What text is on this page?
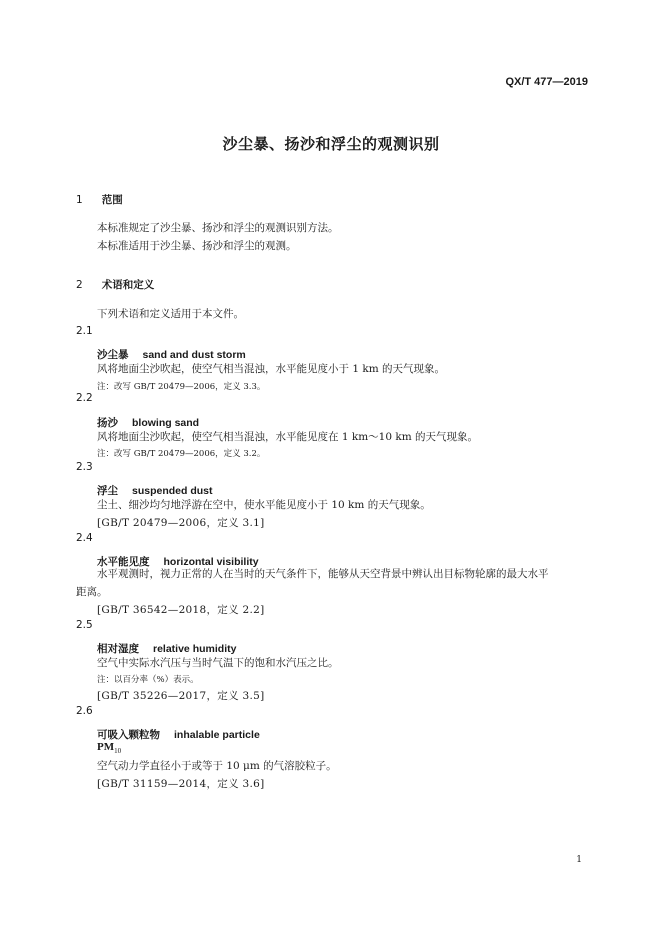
QX/T 477—2019
沙尘暴、扬沙和浮尘的观测识别
1 范围
本标准规定了沙尘暴、扬沙和浮尘的观测识别方法。
本标准适用于沙尘暴、扬沙和浮尘的观测。
2 术语和定义
下列术语和定义适用于本文件。
2.1
沙尘暴 sand and dust storm
风将地面尘沙吹起，使空气相当混浊，水平能见度小于 1 km 的天气现象。
注：改写 GB/T 20479—2006，定义 3.3。
2.2
扬沙 blowing sand
风将地面尘沙吹起，使空气相当混浊，水平能见度在 1 km～10 km 的天气现象。
注：改写 GB/T 20479—2006，定义 3.2。
2.3
浮尘 suspended dust
尘土、细沙均匀地浮游在空中，使水平能见度小于 10 km 的天气现象。
[GB/T 20479—2006，定义 3.1]
2.4
水平能见度 horizontal visibility
水平观测时，视力正常的人在当时的天气条件下，能够从天空背景中辨认出目标物轮廓的最大水平
距离。
[GB/T 36542—2018，定义 2.2]
2.5
相对湿度 relative humidity
空气中实际水汽压与当时气温下的饱和水汽压之比。
注：以百分率（%）表示。
[GB/T 35226—2017，定义 3.5]
2.6
可吸入颗粒物 inhalable particle
$PM_{10}$
空气动力学直径小于或等于 10 μm 的气溶胶粒子。
[GB/T 31159—2014，定义 3.6]
1
